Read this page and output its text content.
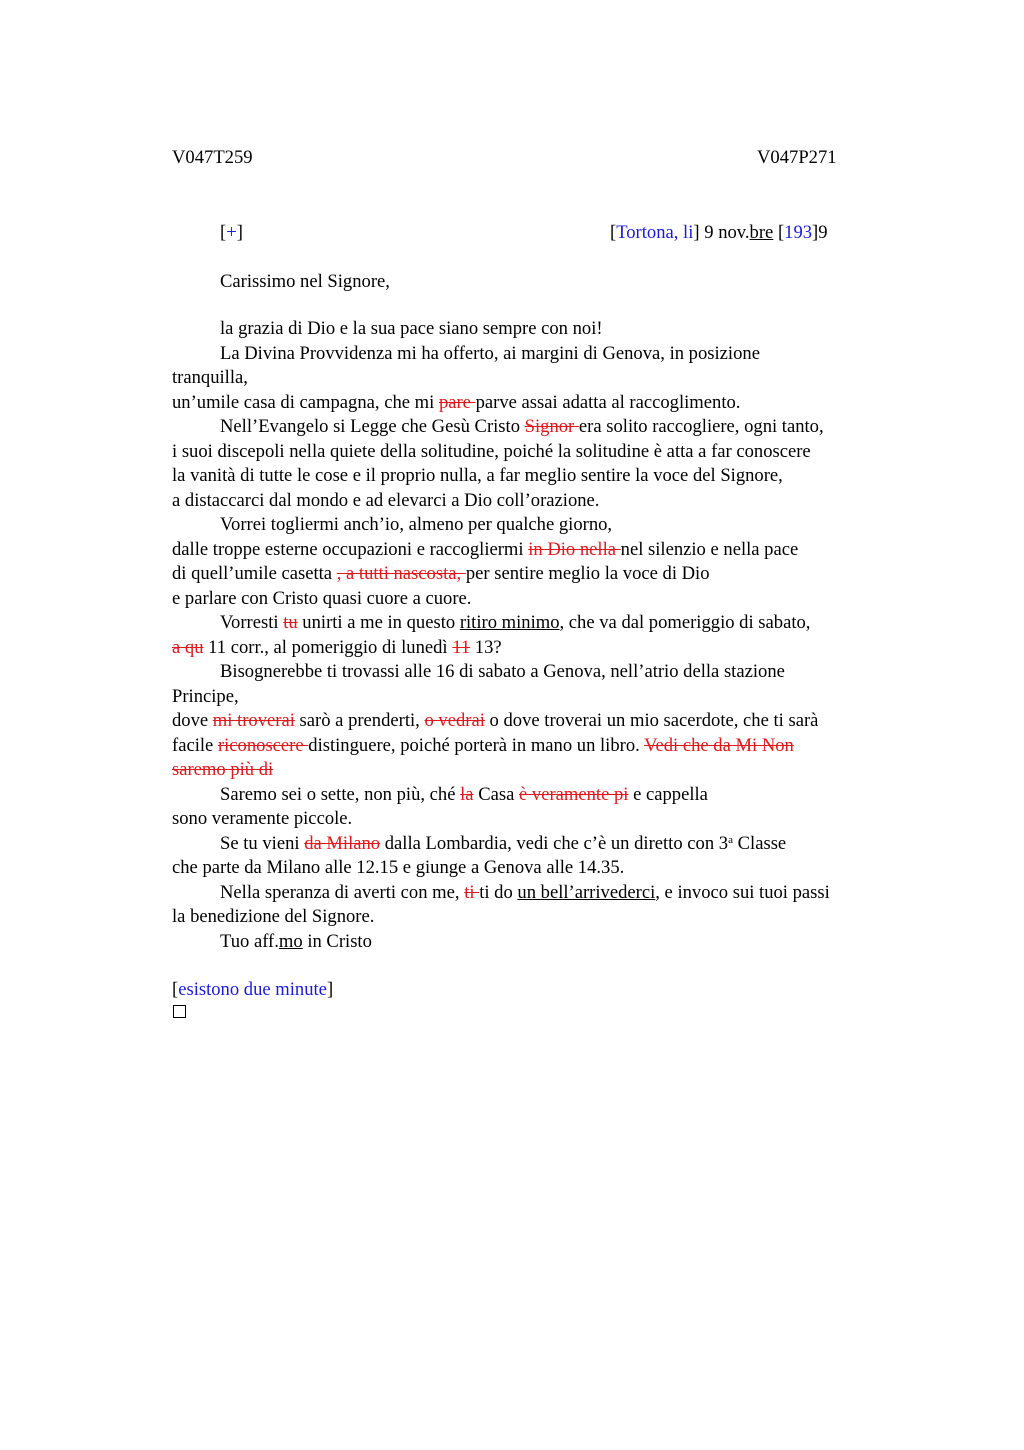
V047T259	V047P271
[+]	[Tortona, li] 9 nov.bre [193]9
Carissimo nel Signore,
la grazia di Dio e la sua pace siano sempre con noi!
La Divina Provvidenza mi ha offerto, ai margini di Genova, in posizione
tranquilla,
un’umile casa di campagna, che mi pare parve assai adatta al raccoglimento.
Nell’Evangelo si Legge che Gesù Cristo Signor era solito raccogliere, ogni tanto,
i suoi discepoli nella quiete della solitudine, poiché la solitudine è atta a far conoscere
la vanità di tutte le cose e il proprio nulla, a far meglio sentire la voce del Signore,
a distaccarci dal mondo e ad elevarci a Dio coll’orazione.
Vorrei togliermi anch’io, almeno per qualche giorno,
dalle troppe esterne occupazioni e raccogliermi in Dio nella nel silenzio e nella pace
di quell’umile casetta , a tutti nascosta, per sentire meglio la voce di Dio
e parlare con Cristo quasi cuore a cuore.
Vorresti tu unirti a me in questo ritiro minimo, che va dal pomeriggio di sabato,
a qu 11 corr., al pomeriggio di lunedì 11 13?
Bisognerebbe ti trovassi alle 16 di sabato a Genova, nell’atrio della stazione
Principe,
dove mi troverai sarò a prenderti, o vedrai o dove troverai un mio sacerdote, che ti sarà
facile riconoscere distinguere, poiché porterà in mano un libro. Vedi che da Mi Non
saremo più di
Saremo sei o sette, non più, ché la Casa è veramente pi e cappella
sono veramente piccole.
Se tu vieni da Milano dalla Lombardia, vedi che c’è un diretto con 3$^a$ Classe
che parte da Milano alle 12.15 e giunge a Genova alle 14.35.
Nella speranza di averti con me, ti ti do un bell’arrivederci, e invoco sui tuoi passi
la benedizione del Signore.
Tuo aff.mo in Cristo
[esistono due minute]
